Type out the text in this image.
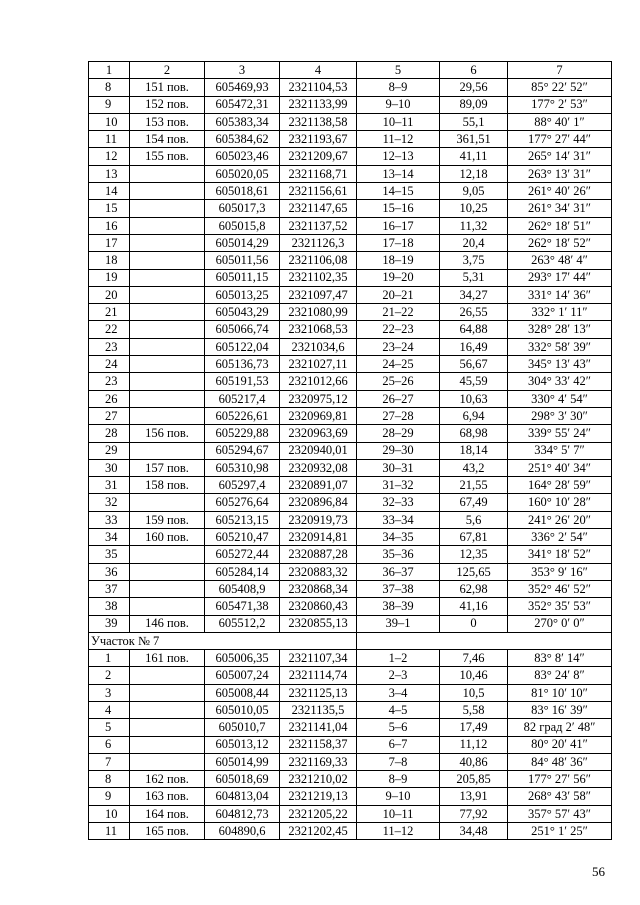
1	2	3	4	5	6	7
8	151 пов.	605469,93	2321104,53	8–9	29,56	85° 22′ 52″
9	152 пов.	605472,31	2321133,99	9–10	89,09	177° 2′ 53″
10	153 пов.	605383,34	2321138,58	10–11	55,1	88° 40′ 1″
11	154 пов.	605384,62	2321193,67	11–12	361,51	177° 27′ 44″
12	155 пов.	605023,46	2321209,67	12–13	41,11	265° 14′ 31″
13		605020,05	2321168,71	13–14	12,18	263° 13′ 31″
14		605018,61	2321156,61	14–15	9,05	261° 40′ 26″
15		605017,3	2321147,65	15–16	10,25	261° 34′ 31″
16		605015,8	2321137,52	16–17	11,32	262° 18′ 51″
17		605014,29	2321126,3	17–18	20,4	262° 18′ 52″
18		605011,56	2321106,08	18–19	3,75	263° 48′ 4″
19		605011,15	2321102,35	19–20	5,31	293° 17′ 44″
20		605013,25	2321097,47	20–21	34,27	331° 14′ 36″
21		605043,29	2321080,99	21–22	26,55	332° 1′ 11″
22		605066,74	2321068,53	22–23	64,88	328° 28′ 13″
23		605122,04	2321034,6	23–24	16,49	332° 58′ 39″
24		605136,73	2321027,11	24–25	56,67	345° 13′ 43″
23		605191,53	2321012,66	25–26	45,59	304° 33′ 42″
26		605217,4	2320975,12	26–27	10,63	330° 4′ 54″
27		605226,61	2320969,81	27–28	6,94	298° 3′ 30″
28	156 пов.	605229,88	2320963,69	28–29	68,98	339° 55′ 24″
29		605294,67	2320940,01	29–30	18,14	334° 5′ 7″
30	157 пов.	605310,98	2320932,08	30–31	43,2	251° 40′ 34″
31	158 пов.	605297,4	2320891,07	31–32	21,55	164° 28′ 59″
32		605276,64	2320896,84	32–33	67,49	160° 10′ 28″
33	159 пов.	605213,15	2320919,73	33–34	5,6	241° 26′ 20″
34	160 пов.	605210,47	2320914,81	34–35	67,81	336° 2′ 54″
35		605272,44	2320887,28	35–36	12,35	341° 18′ 52″
36		605284,14	2320883,32	36–37	125,65	353° 9′ 16″
37		605408,9	2320868,34	37–38	62,98	352° 46′ 52″
38		605471,38	2320860,43	38–39	41,16	352° 35′ 53″
39	146 пов.	605512,2	2320855,13	39–1	0	270° 0′ 0″
Участок № 7						
1	161 пов.	605006,35	2321107,34	1–2	7,46	83° 8′ 14″
2		605007,24	2321114,74	2–3	10,46	83° 24′ 8″
3		605008,44	2321125,13	3–4	10,5	81° 10′ 10″
4		605010,05	2321135,5	4–5	5,58	83° 16′ 39″
5		605010,7	2321141,04	5–6	17,49	82 град 2′ 48″
6		605013,12	2321158,37	6–7	11,12	80° 20′ 41″
7		605014,99	2321169,33	7–8	40,86	84° 48′ 36″
8	162 пов.	605018,69	2321210,02	8–9	205,85	177° 27′ 56″
9	163 пов.	604813,04	2321219,13	9–10	13,91	268° 43′ 58″
10	164 пов.	604812,73	2321205,22	10–11	77,92	357° 57′ 43″
11	165 пов.	604890,6	2321202,45	11–12	34,48	251° 1′ 25″
56
